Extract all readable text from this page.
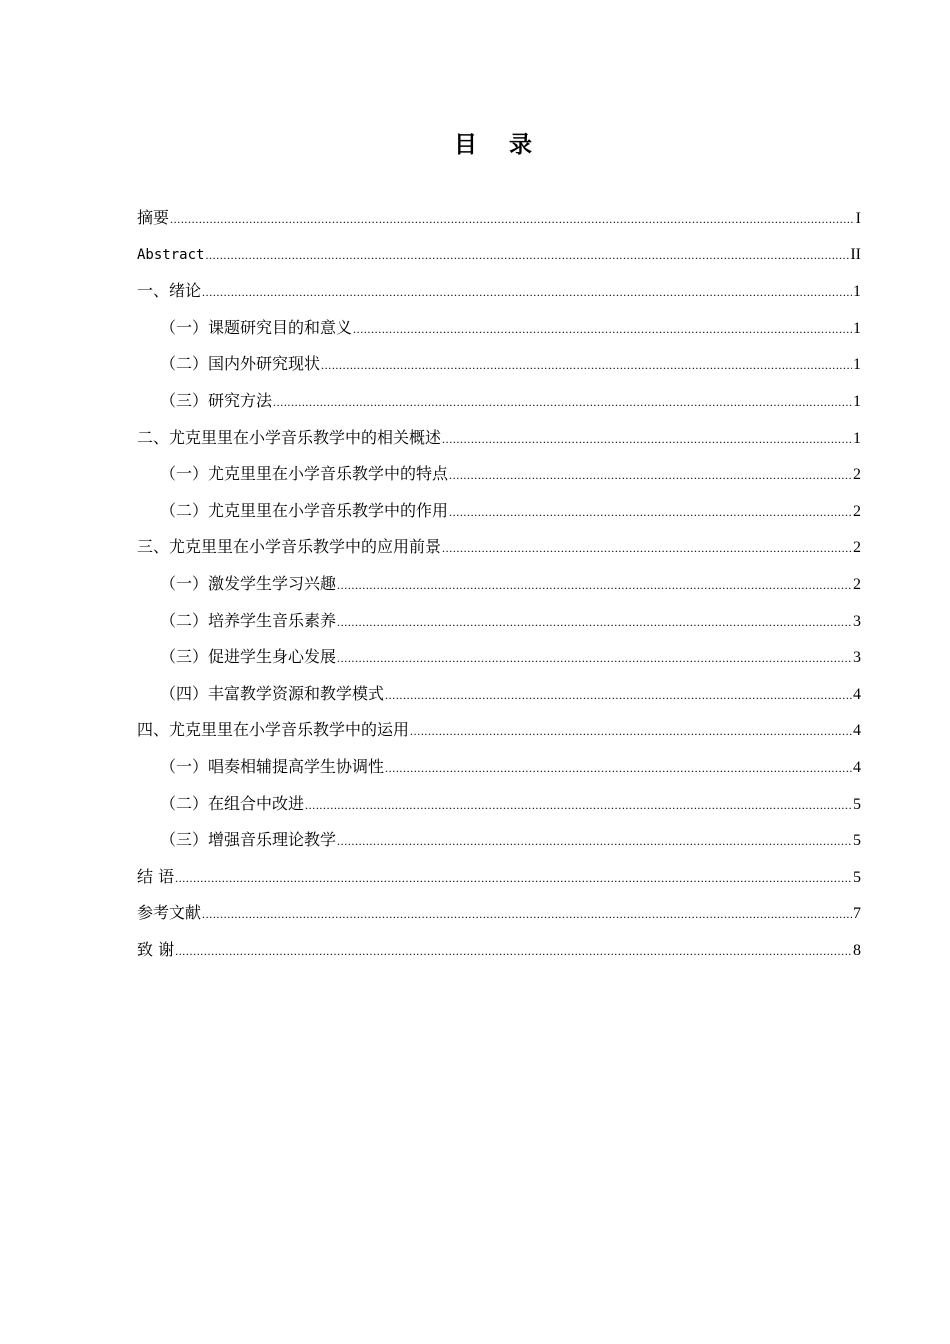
目 录
摘要 .....	I
Abstract .....	II
一、绪论 .....	1
（一）课题研究目的和意义 .....	1
（二）国内外研究现状 .....	1
（三）研究方法 .....	1
二、尤克里里在小学音乐教学中的相关概述 .....	1
（一）尤克里里在小学音乐教学中的特点 .....	2
（二）尤克里里在小学音乐教学中的作用 .....	2
三、尤克里里在小学音乐教学中的应用前景 .....	2
（一）激发学生学习兴趣 .....	2
（二）培养学生音乐素养 .....	3
（三）促进学生身心发展 .....	3
（四）丰富教学资源和教学模式 .....	4
四、尤克里里在小学音乐教学中的运用 .....	4
（一）唱奏相辅提高学生协调性 .....	4
（二）在组合中改进 .....	5
（三）增强音乐理论教学 .....	5
结 语 .....	5
参考文献 .....	7
致 谢 .....	8
